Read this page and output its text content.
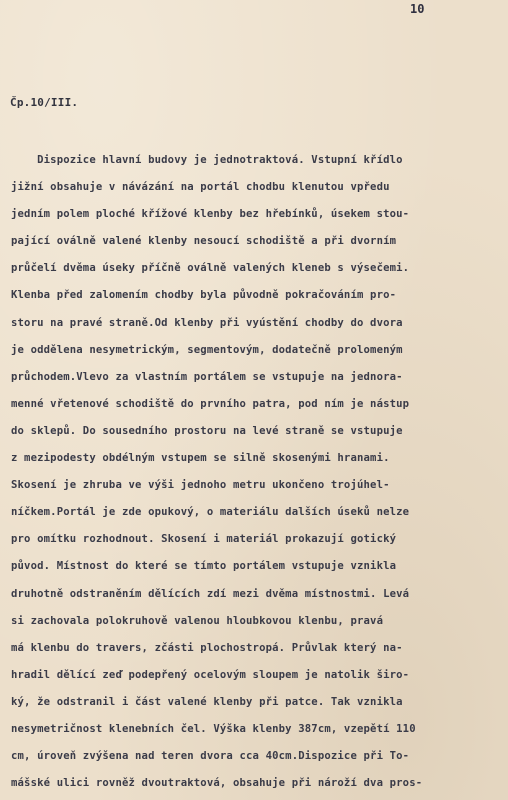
10
Čp.10/III.
Dispozice hlavní budovy je jednotraktová. Vstupní křídlo
jižní obsahuje v návázání na portál chodbu klenutou vpředu
jedním polem ploché křížové klenby bez hřebínků, úsekem stou-
pající oválně valené klenby nesoucí schodiště a při dvorním
průčelí dvěma úseky příčně oválně valených kleneb s výsečemi.
Klenba před zalomením chodby byla původně pokračováním pro-
storu na pravé straně.Od klenby při vyústění chodby do dvora
je oddělena nesymetrickým, segmentovým, dodatečně prolomeným
průchodem.Vlevo za vlastním portálem se vstupuje na jednora-
menné vřetenové schodiště do prvního patra, pod ním je nástup
do sklepů. Do sousedního prostoru na levé straně se vstupuje
z mezipodesty obdélným vstupem se silně skosenými hranami.
Skosení je zhruba ve výši jednoho metru ukončeno trojúhel-
níčkem.Portál je zde opukový, o materiálu dalších úseků nelze
pro omítku rozhodnout. Skosení i materiál prokazují gotický
původ. Místnost do které se tímto portálem vstupuje vznikla
druhotně odstraněním dělících zdí mezi dvěma místnostmi. Levá
si zachovala polokruhově valenou hloubkovou klenbu, pravá
má klenbu do travers, zčásti plochostropá. Průvlak který na-
hradil dělící zeď podepřený ocelovým sloupem je natolik širo-
ký, že odstranil i část valené klenby při patce. Tak vznikla
nesymetričnost klenebních čel. Výška klenby 387cm, vzepětí 110
cm, úroveň zvýšena nad teren dvora cca 40cm.Dispozice při To-
mášské ulici rovněž dvoutraktová, obsahuje při nároží dva pros-
